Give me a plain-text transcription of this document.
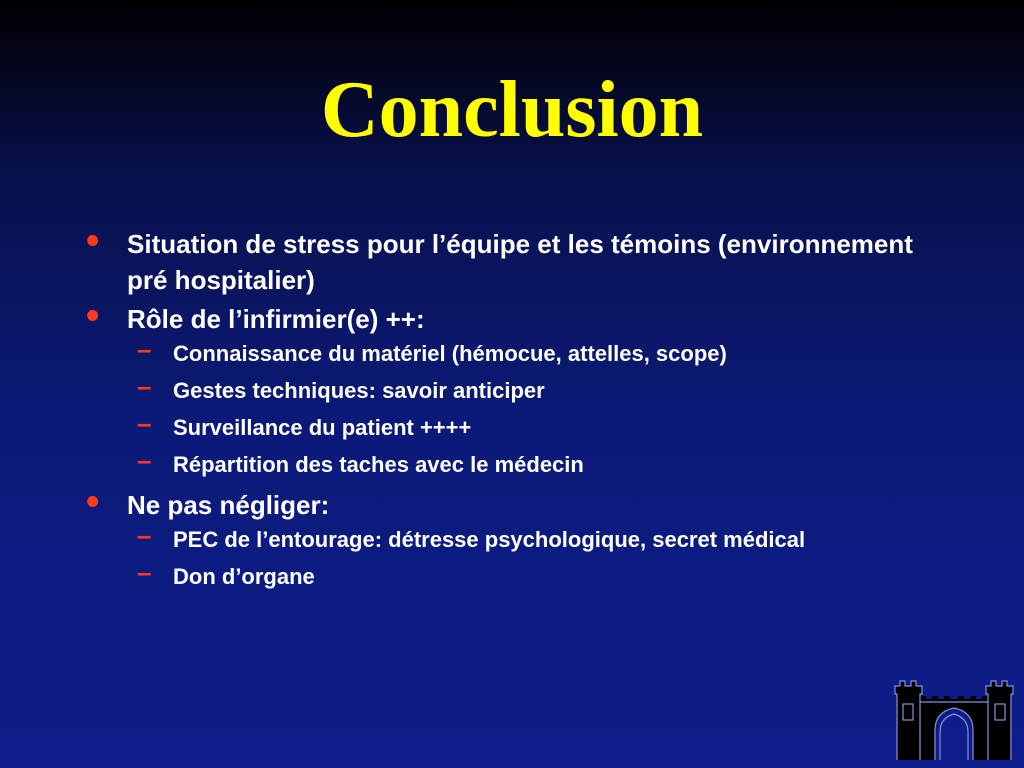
Conclusion
• Situation de stress pour l’équipe et les témoins (environnement pré hospitalier)
• Rôle de l’infirmier(e) ++:
– Connaissance du matériel (hémocue, attelles, scope)
– Gestes techniques: savoir anticiper
– Surveillance du patient ++++
– Répartition des taches avec le médecin
• Ne pas négliger:
– PEC de l’entourage: détresse psychologique, secret médical
– Don d’organe
